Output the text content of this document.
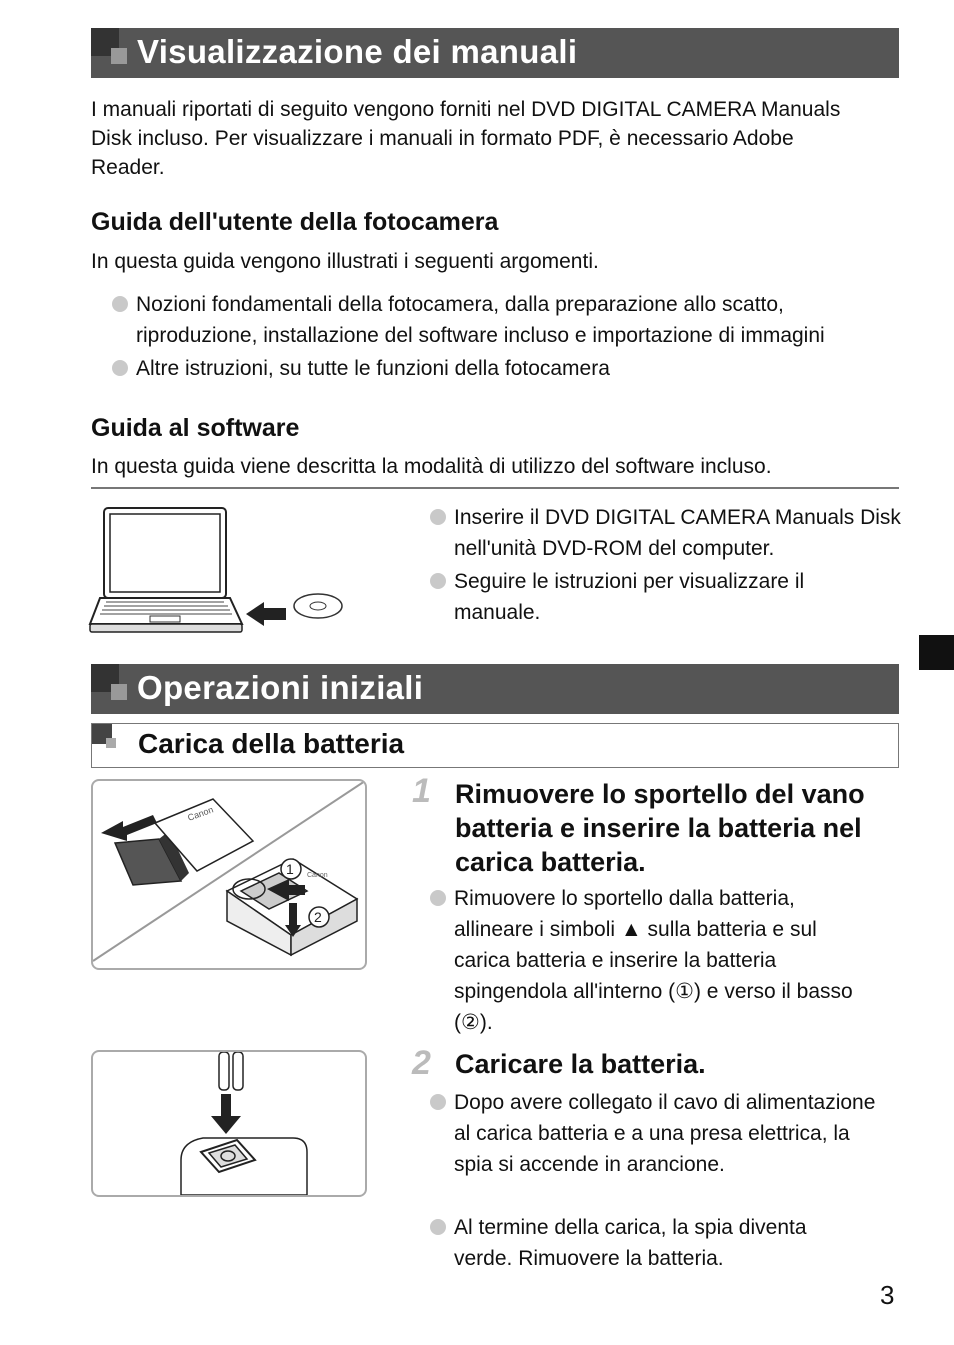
Visualizzazione dei manuali

I manuali riportati di seguito vengono forniti nel DVD DIGITAL CAMERA Manuals Disk incluso. Per visualizzare i manuali in formato PDF, è necessario Adobe Reader.

Guida dell'utente della fotocamera
In questa guida vengono illustrati i seguenti argomenti.
Nozioni fondamentali della fotocamera, dalla preparazione allo scatto, riproduzione, installazione del software incluso e importazione di immagini
Altre istruzioni, su tutte le funzioni della fotocamera
Guida al software
In questa guida viene descritta la modalità di utilizzo del software incluso.
Inserire il DVD DIGITAL CAMERA Manuals Disk nell'unità DVD-ROM del computer.
Seguire le istruzioni per visualizzare il manuale.
Operazioni iniziali
Carica della batteria
Canon
Canon
1
2
1 Rimuovere lo sportello del vano batteria e inserire la batteria nel carica batteria.
Rimuovere lo sportello dalla batteria, allineare i simboli ▲ sulla batteria e sul carica batteria e inserire la batteria spingendola all'interno (①) e verso il basso (②).
2 Caricare la batteria.
Dopo avere collegato il cavo di alimentazione al carica batteria e a una presa elettrica, la spia si accende in arancione.
Al termine della carica, la spia diventa verde. Rimuovere la batteria.
3
